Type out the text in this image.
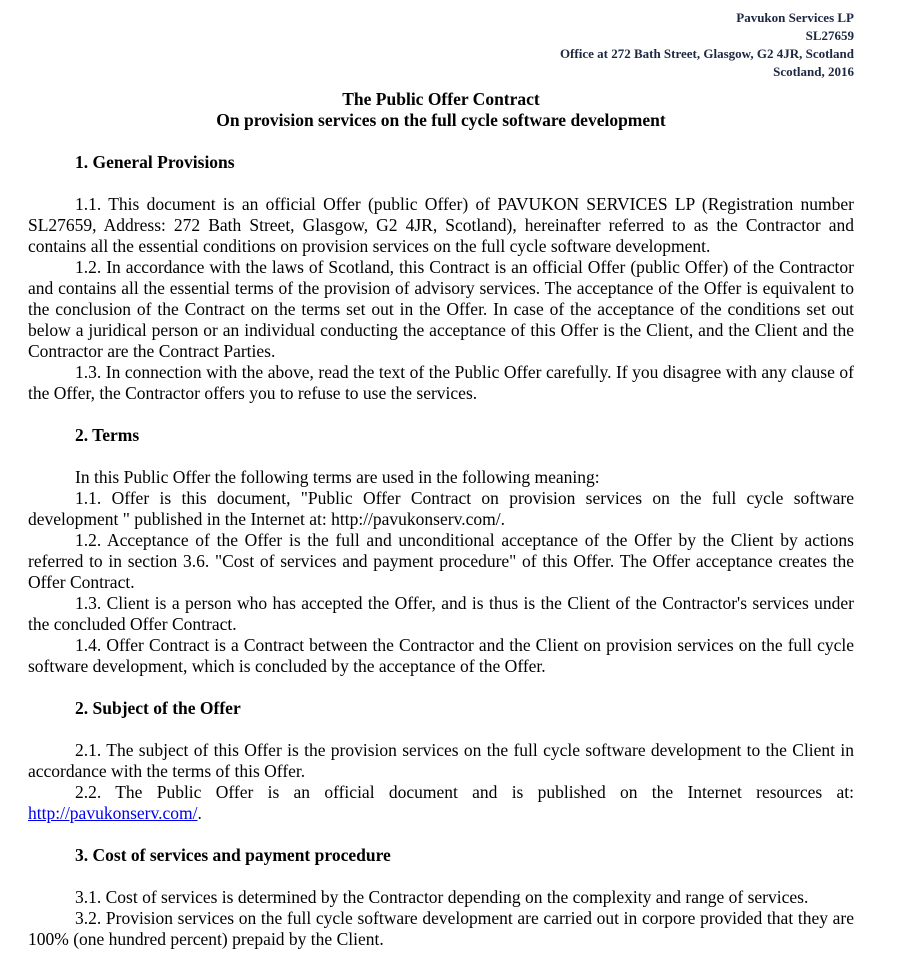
Pavukon Services LP
SL27659
Office at 272 Bath Street, Glasgow, G2 4JR, Scotland
Scotland, 2016
The Public Offer Contract
On provision services on the full cycle software development
1. General Provisions

1.1. This document is an official Offer (public Offer) of PAVUKON SERVICES LP (Registration number SL27659, Address: 272 Bath Street, Glasgow, G2 4JR, Scotland), hereinafter referred to as the Contractor and contains all the essential conditions on provision services on the full cycle software development.

1.2. In accordance with the laws of Scotland, this Contract is an official Offer (public Offer) of the Contractor and contains all the essential terms of the provision of advisory services. The acceptance of the Offer is equivalent to the conclusion of the Contract on the terms set out in the Offer. In case of the acceptance of the conditions set out below a juridical person or an individual conducting the acceptance of this Offer is the Client, and the Client and the Contractor are the Contract Parties.

1.3. In connection with the above, read the text of the Public Offer carefully. If you disagree with any clause of the Offer, the Contractor offers you to refuse to use the services.

2. Terms

In this Public Offer the following terms are used in the following meaning:

1.1. Offer is this document, "Public Offer Contract on provision services on the full cycle software development " published in the Internet at: http://pavukonserv.com/.

1.2. Acceptance of the Offer is the full and unconditional acceptance of the Offer by the Client by actions referred to in section 3.6. "Cost of services and payment procedure" of this Offer. The Offer acceptance creates the Offer Contract.

1.3. Client is a person who has accepted the Offer, and is thus is the Client of the Contractor's services under the concluded Offer Contract.

1.4. Offer Contract is a Contract between the Contractor and the Client on provision services on the full cycle software development, which is concluded by the acceptance of the Offer.

2. Subject of the Offer

2.1. The subject of this Offer is the provision services on the full cycle software development to the Client in accordance with the terms of this Offer.

2.2. The Public Offer is an official document and is published on the Internet resources at: http://pavukonserv.com/.

3. Cost of services and payment procedure

3.1. Cost of services is determined by the Contractor depending on the complexity and range of services.

3.2. Provision services on the full cycle software development are carried out in corpore provided that they are 100% (one hundred percent) prepaid by the Client.
